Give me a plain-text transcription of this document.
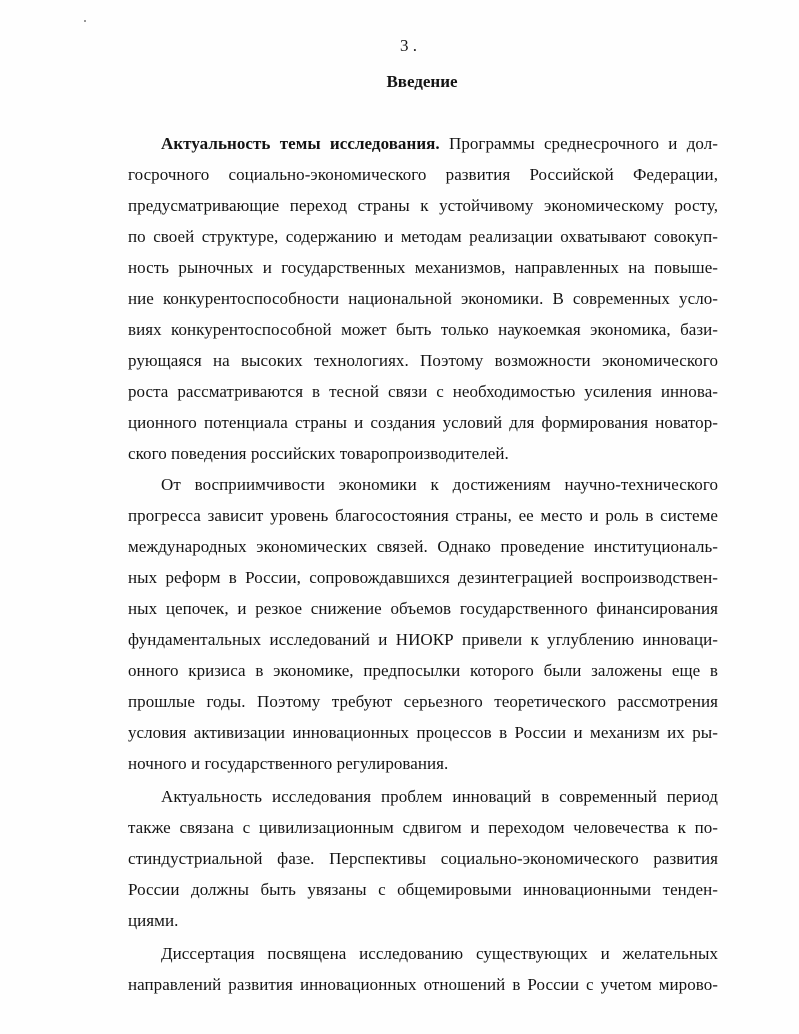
3 .
Введение
Актуальность темы исследования. Программы среднесрочного и дол-
госрочного социально-экономического развития Российской Федерации,
предусматривающие переход страны к устойчивому экономическому росту,
по своей структуре, содержанию и методам реализации охватывают совокуп-
ность рыночных и государственных механизмов, направленных на повыше-
ние конкурентоспособности национальной экономики. В современных усло-
виях конкурентоспособной может быть только наукоемкая экономика, бази-
рующаяся на высоких технологиях. Поэтому возможности экономического
роста рассматриваются в тесной связи с необходимостью усиления иннова-
ционного потенциала страны и создания условий для формирования новатор-
ского поведения российских товаропроизводителей.
От восприимчивости экономики к достижениям научно-технического
прогресса зависит уровень благосостояния страны, ее место и роль в системе
международных экономических связей. Однако проведение институциональ-
ных реформ в России, сопровождавшихся дезинтеграцией воспроизводствен-
ных цепочек, и резкое снижение объемов государственного финансирования
фундаментальных исследований и НИОКР привели к углублению инноваци-
онного кризиса в экономике, предпосылки которого были заложены еще в
прошлые годы. Поэтому требуют серьезного теоретического рассмотрения
условия активизации инновационных процессов в России и механизм их ры-
ночного и государственного регулирования.
Актуальность исследования проблем инноваций в современный период
также связана с цивилизационным сдвигом и переходом человечества к по-
стиндустриальной фазе. Перспективы социально-экономического развития
России должны быть увязаны с общемировыми инновационными тенден-
циями.
Диссертация посвящена исследованию существующих и желательных
направлений развития инновационных отношений в России с учетом мирово-
